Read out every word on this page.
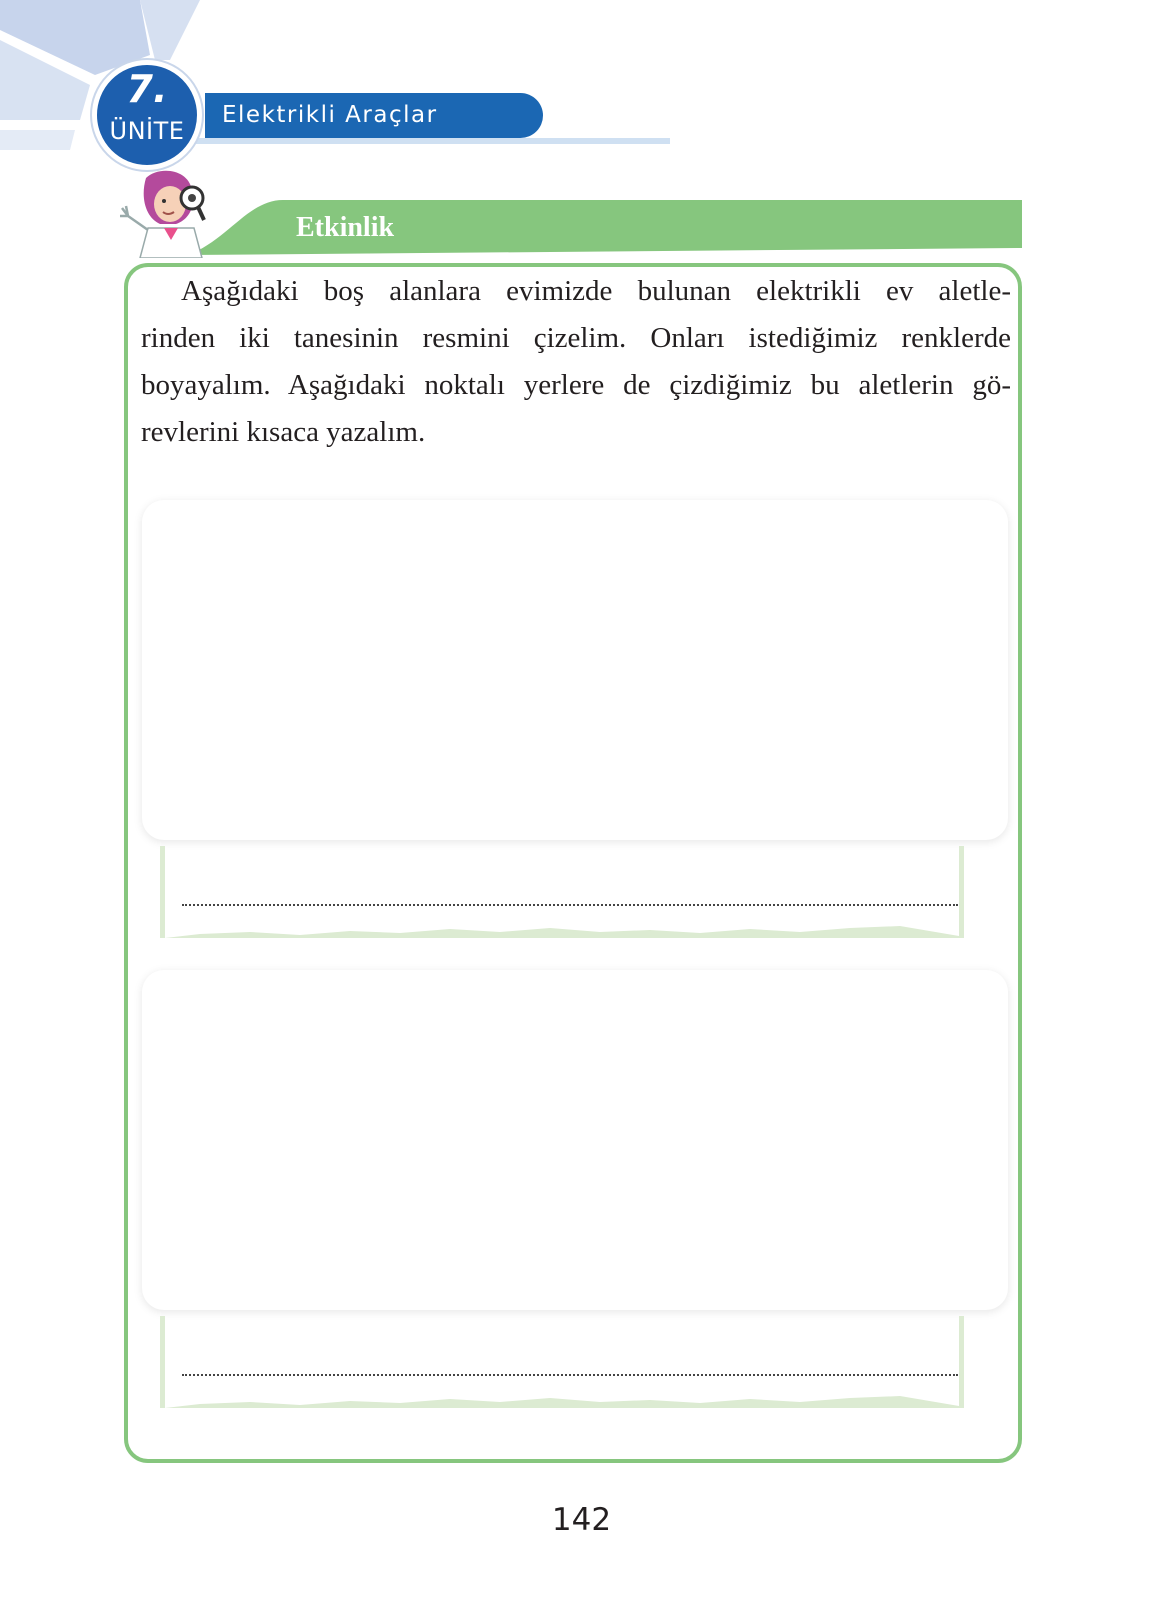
Elektrikli Araçlar
7.
ÜNİTE
Etkinlik

Aşağıdaki boş alanlara evimizde bulunan elektrikli ev aletle-
rinden iki tanesinin resmini çizelim. Onları istediğimiz renklerde
boyayalım. Aşağıdaki noktalı yerlere de çizdiğimiz bu aletlerin gö-

revlerini kısaca yazalım.

142
